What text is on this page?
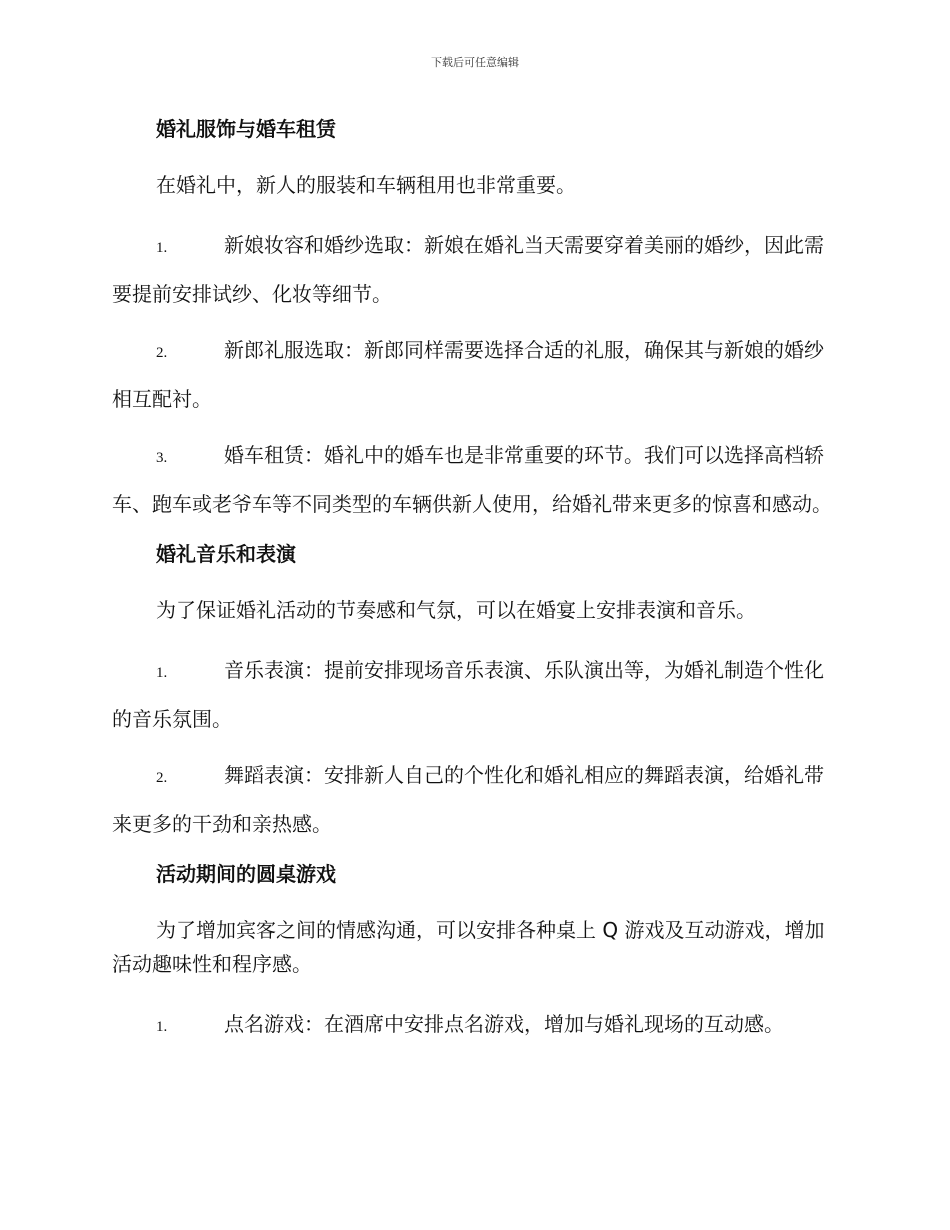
下载后可任意编辑
婚礼服饰与婚车租赁

在婚礼中，新人的服装和车辆租用也非常重要。

1.	新娘妆容和婚纱选取：新娘在婚礼当天需要穿着美丽的婚纱，因此需要提前安排试纱、化妆等细节。
2.	新郎礼服选取：新郎同样需要选择合适的礼服，确保其与新娘的婚纱相互配衬。
3.	婚车租赁：婚礼中的婚车也是非常重要的环节。我们可以选择高档轿车、跑车或老爷车等不同类型的车辆供新人使用，给婚礼带来更多的惊喜和感动。
婚礼音乐和表演

为了保证婚礼活动的节奏感和气氛，可以在婚宴上安排表演和音乐。

1.	音乐表演：提前安排现场音乐表演、乐队演出等，为婚礼制造个性化的音乐氛围。
2.	舞蹈表演：安排新人自己的个性化和婚礼相应的舞蹈表演，给婚礼带来更多的干劲和亲热感。
活动期间的圆桌游戏

为了增加宾客之间的情感沟通，可以安排各种桌上 Q 游戏及互动游戏，增加活动趣味性和程序感。

1.	点名游戏：在酒席中安排点名游戏，增加与婚礼现场的互动感。
